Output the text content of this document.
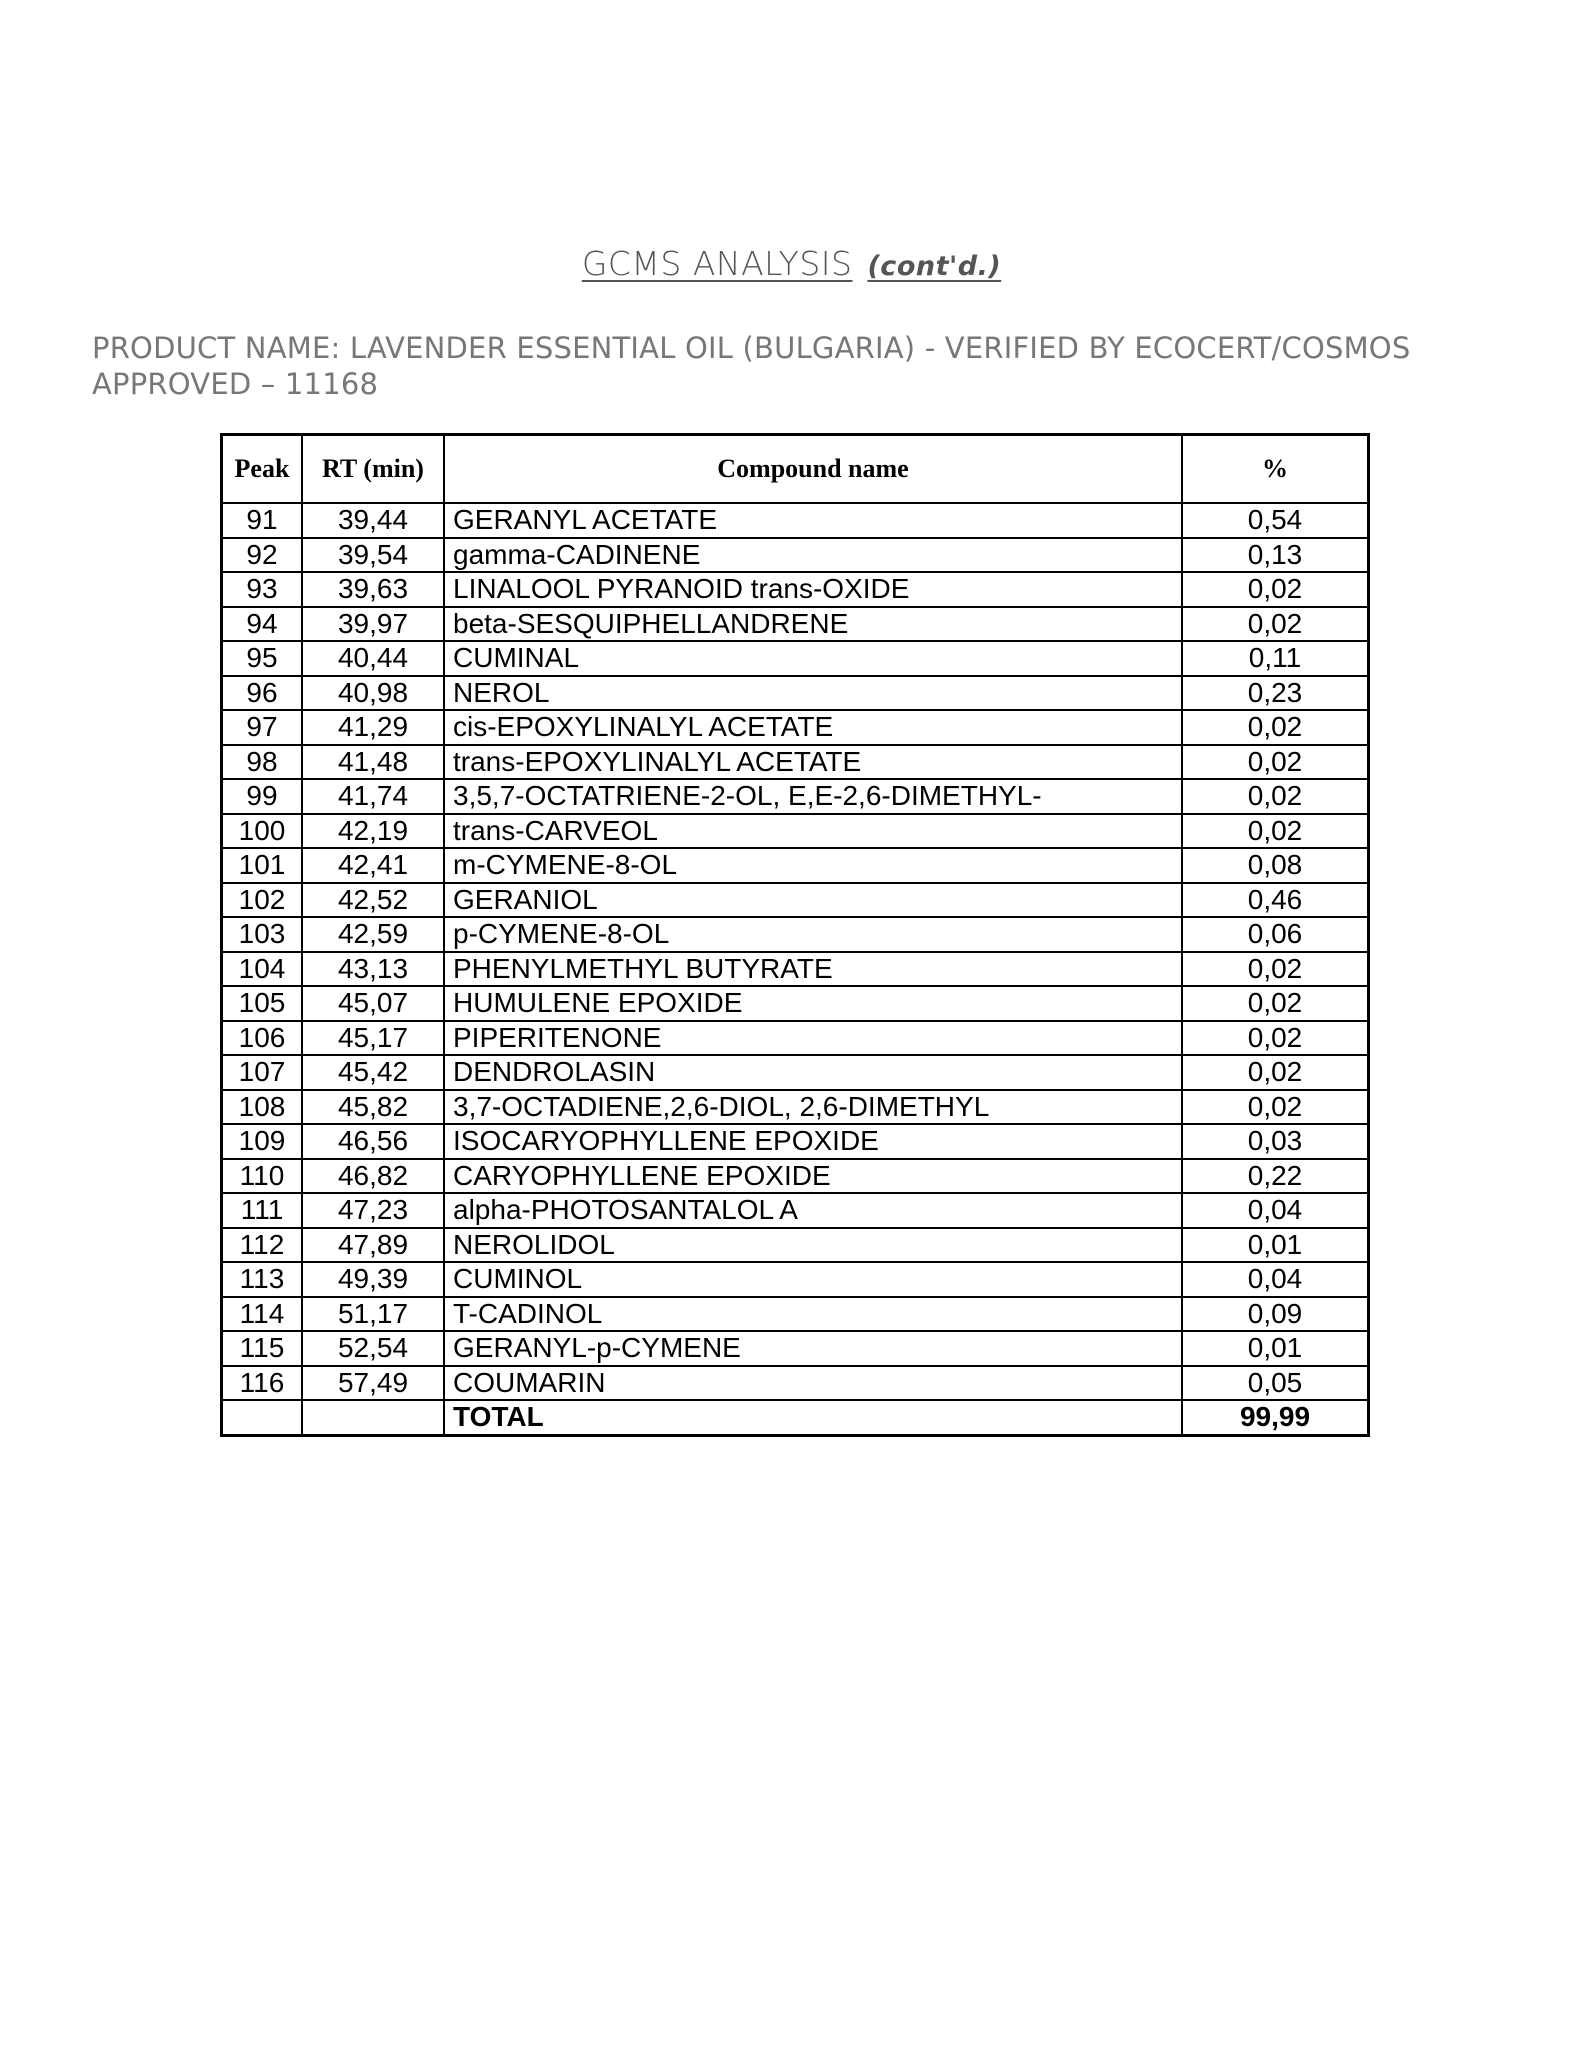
GCMS ANALYSIS (cont'd.)
PRODUCT NAME: LAVENDER ESSENTIAL OIL (BULGARIA) - VERIFIED BY ECOCERT/COSMOS APPROVED – 11168
Peak	RT (min)	Compound name	%
91	39,44	GERANYL ACETATE	0,54
92	39,54	gamma-CADINENE	0,13
93	39,63	LINALOOL PYRANOID trans-OXIDE	0,02
94	39,97	beta-SESQUIPHELLANDRENE	0,02
95	40,44	CUMINAL	0,11
96	40,98	NEROL	0,23
97	41,29	cis-EPOXYLINALYL ACETATE	0,02
98	41,48	trans-EPOXYLINALYL ACETATE	0,02
99	41,74	3,5,7-OCTATRIENE-2-OL, E,E-2,6-DIMETHYL-	0,02
100	42,19	trans-CARVEOL	0,02
101	42,41	m-CYMENE-8-OL	0,08
102	42,52	GERANIOL	0,46
103	42,59	p-CYMENE-8-OL	0,06
104	43,13	PHENYLMETHYL BUTYRATE	0,02
105	45,07	HUMULENE EPOXIDE	0,02
106	45,17	PIPERITENONE	0,02
107	45,42	DENDROLASIN	0,02
108	45,82	3,7-OCTADIENE,2,6-DIOL, 2,6-DIMETHYL	0,02
109	46,56	ISOCARYOPHYLLENE EPOXIDE	0,03
110	46,82	CARYOPHYLLENE EPOXIDE	0,22
111	47,23	alpha-PHOTOSANTALOL A	0,04
112	47,89	NEROLIDOL	0,01
113	49,39	CUMINOL	0,04
114	51,17	T-CADINOL	0,09
115	52,54	GERANYL-p-CYMENE	0,01
116	57,49	COUMARIN	0,05
		TOTAL	99,99
